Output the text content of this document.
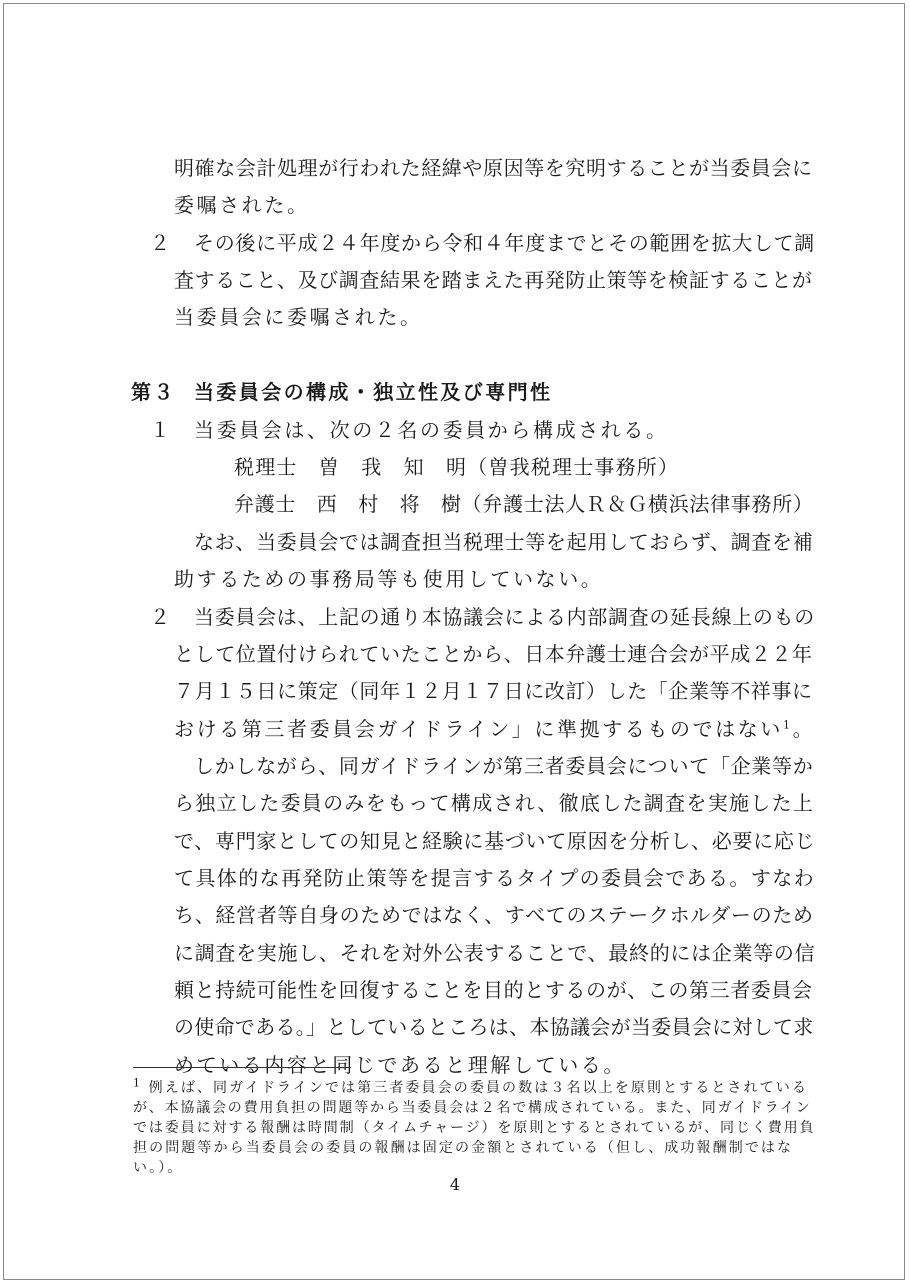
明確な会計処理が行われた経緯や原因等を究明することが当委員会に
委嘱された。
２ その後に平成２４年度から令和４年度までとその範囲を拡大して調
査すること、及び調査結果を踏まえた再発防止策等を検証することが
当委員会に委嘱された。
第３ 当委員会の構成・独立性及び専門性
１ 当委員会は、次の２名の委員から構成される。
税理士　曽　我　知　明（曽我税理士事務所）
弁護士　西　村　将　樹（弁護士法人Ｒ＆Ｇ横浜法律事務所）
なお、当委員会では調査担当税理士等を起用しておらず、調査を補
助するための事務局等も使用していない。
２ 当委員会は、上記の通り本協議会による内部調査の延長線上のもの
として位置付けられていたことから、日本弁護士連合会が平成２２年
７月１５日に策定（同年１２月１７日に改訂）した「企業等不祥事に
おける第三者委員会ガイドライン」に準拠するものではない$^1$。
しかしながら、同ガイドラインが第三者委員会について「企業等か
ら独立した委員のみをもって構成され、徹底した調査を実施した上
で、専門家としての知見と経験に基づいて原因を分析し、必要に応じ
て具体的な再発防止策等を提言するタイプの委員会である。すなわ
ち、経営者等自身のためではなく、すべてのステークホルダーのため
に調査を実施し、それを対外公表することで、最終的には企業等の信
頼と持続可能性を回復することを目的とするのが、この第三者委員会
の使命である。」としているところは、本協議会が当委員会に対して求
めている内容と同じであると理解している。
$^1$ 例えば、同ガイドラインでは第三者委員会の委員の数は３名以上を原則とするとされている
が、本協議会の費用負担の問題等から当委員会は２名で構成されている。また、同ガイドライン
では委員に対する報酬は時間制（タイムチャージ）を原則とするとされているが、同じく費用負
担の問題等から当委員会の委員の報酬は固定の金額とされている（但し、成功報酬制ではな
い。）。
4
